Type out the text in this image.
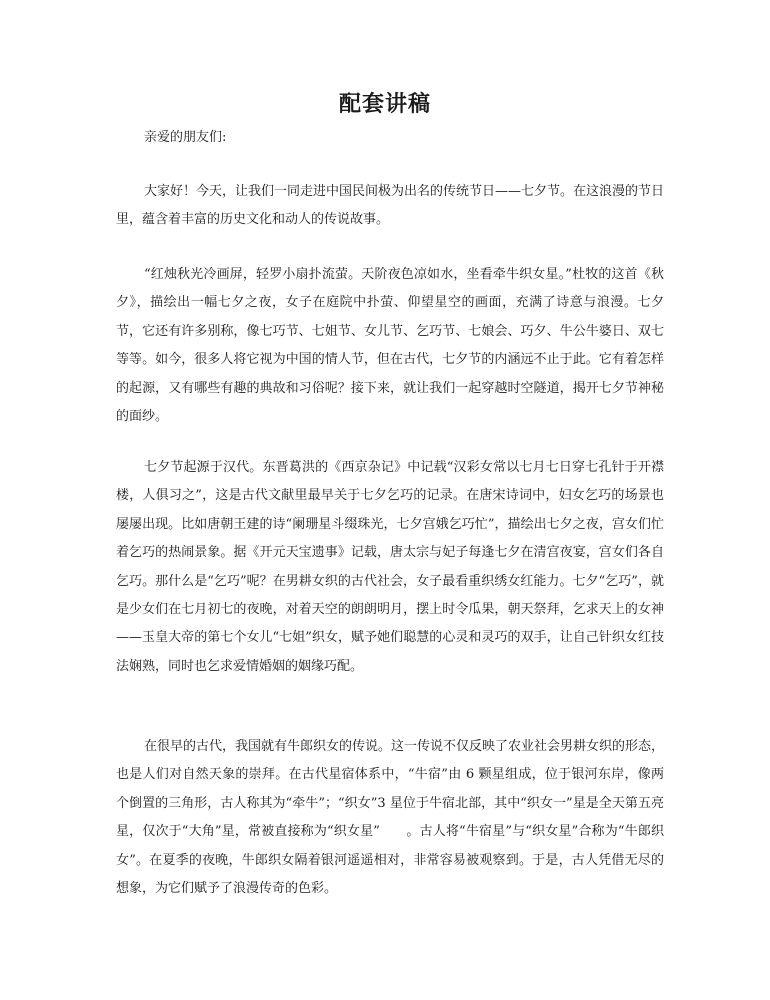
配套讲稿
亲爱的朋友们:
大家好！今天，让我们一同走进中国民间极为出名的传统节日——七夕节。在这浪漫的节日里，蕴含着丰富的历史文化和动人的传说故事。
“红烛秋光冷画屏，轻罗小扇扑流萤。天阶夜色凉如水，坐看牵牛织女星。”杜牧的这首《秋夕》，描绘出一幅七夕之夜，女子在庭院中扑萤、仰望星空的画面，充满了诗意与浪漫。七夕节，它还有许多别称，像七巧节、七姐节、女儿节、乞巧节、七娘会、巧夕、牛公牛婆日、双七等等。如今，很多人将它视为中国的情人节，但在古代，七夕节的内涵远不止于此。它有着怎样的起源，又有哪些有趣的典故和习俗呢？接下来，就让我们一起穿越时空隧道，揭开七夕节神秘的面纱。
七夕节起源于汉代。东晋葛洪的《西京杂记》中记载“汉彩女常以七月七日穿七孔针于开襟楼，人俱习之”，这是古代文献里最早关于七夕乞巧的记录。在唐宋诗词中，妇女乞巧的场景也屡屡出现。比如唐朝王建的诗“阑珊星斗缀珠光，七夕宫娥乞巧忙”，描绘出七夕之夜，宫女们忙着乞巧的热闹景象。据《开元天宝遗事》记载，唐太宗与妃子每逢七夕在清宫夜宴，宫女们各自乞巧。那什么是“乞巧”呢？在男耕女织的古代社会，女子最看重织绣女红能力。七夕“乞巧”，就是少女们在七月初七的夜晚，对着天空的朗朗明月，摆上时令瓜果，朝天祭拜，乞求天上的女神——玉皇大帝的第七个女儿“七姐”织女，赋予她们聪慧的心灵和灵巧的双手，让自己针织女红技法娴熟，同时也乞求爱情婚姻的姻缘巧配。
在很早的古代，我国就有牛郎织女的传说。这一传说不仅反映了农业社会男耕女织的形态，也是人们对自然天象的崇拜。在古代星宿体系中，“牛宿”由 6 颗星组成，位于银河东岸，像两个倒置的三角形，古人称其为“牵牛”；“织女”3 星位于牛宿北部，其中“织女一”星是全天第五亮星，仅次于“大角”星，常被直接称为“织女星”　　。古人将“牛宿星”与“织女星”合称为“牛郎织女”。在夏季的夜晚，牛郎织女隔着银河遥遥相对，非常容易被观察到。于是，古人凭借无尽的想象，为它们赋予了浪漫传奇的色彩。
